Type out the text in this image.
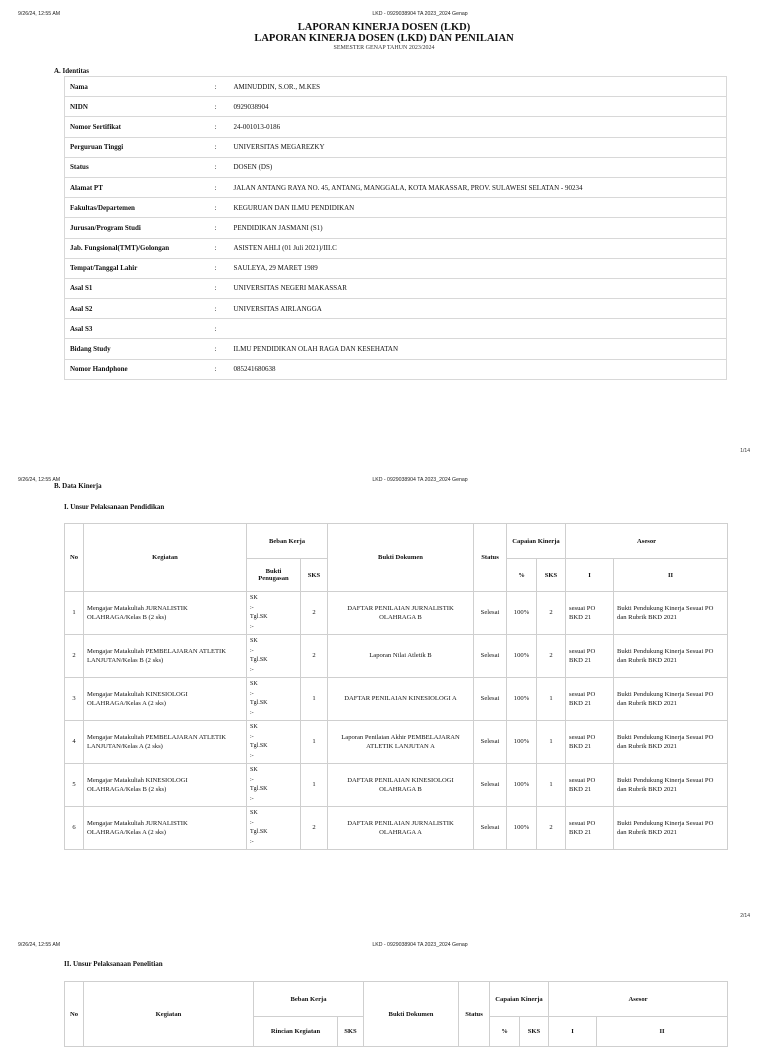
9/26/24, 12:55 AM	LKD - 0929038904 TA 2023_2024 Genap
LAPORAN KINERJA DOSEN (LKD)
LAPORAN KINERJA DOSEN (LKD) DAN PENILAIAN
SEMESTER GENAP TAHUN 2023/2024
A. Identitas
Nama	:	AMINUDDIN, S.OR., M.KES
NIDN	:	0929038904
Nomor Sertifikat	:	24-001013-0186
Perguruan Tinggi	:	UNIVERSITAS MEGAREZKY
Status	:	DOSEN (DS)
Alamat PT	:	JALAN ANTANG RAYA NO. 45, ANTANG, MANGGALA, KOTA MAKASSAR, PROV. SULAWESI SELATAN - 90234
Fakultas/Departemen	:	KEGURUAN DAN ILMU PENDIDIKAN
Jurusan/Program Studi	:	PENDIDIKAN JASMANI (S1)
Jab. Fungsional(TMT)/Golongan	:	ASISTEN AHLI (01 Juli 2021)/III.C
Tempat/Tanggal Lahir	:	SAULEYA, 29 MARET 1989
Asal S1	:	UNIVERSITAS NEGERI MAKASSAR
Asal S2	:	UNIVERSITAS AIRLANGGA
Asal S3	:	
Bidang Study	:	ILMU PENDIDIKAN OLAH RAGA DAN KESEHATAN
Nomor Handphone	:	085241680638
1/14
9/26/24, 12:55 AM	LKD - 0929038904 TA 2023_2024 Genap
B. Data Kinerja
I. Unsur Pelaksanaan Pendidikan
No	Kegiatan	Beban Kerja		Bukti Dokumen	Status	Capaian Kinerja		Asesor	
		Bukti Penugasan	SKS			%	SKS	I	II
1	Mengajar Matakuliah JURNALISTIK OLAHRAGA/Kelas B (2 sks)	SK:-
Tgl.SK:-	2	DAFTAR PENILAIAN JURNALISTIK OLAHRAGA B	Selesai	100%	2	sesuai PO BKD 21	Bukti Pendukung Kinerja Sesuai PO dan Rubrik BKD 2021
2	Mengajar Matakuliah PEMBELAJARAN ATLETIK LANJUTAN/Kelas B (2 sks)	SK:-
Tgl.SK:-	2	Laporan Nilai Atletik B	Selesai	100%	2	sesuai PO BKD 21	Bukti Pendukung Kinerja Sesuai PO dan Rubrik BKD 2021
3	Mengajar Matakuliah KINESIOLOGI OLAHRAGA/Kelas A (2 sks)	SK:-
Tgl.SK:-	1	DAFTAR PENILAIAN KINESIOLOGI A	Selesai	100%	1	sesuai PO BKD 21	Bukti Pendukung Kinerja Sesuai PO dan Rubrik BKD 2021
4	Mengajar Matakuliah PEMBELAJARAN ATLETIK LANJUTAN/Kelas A (2 sks)	SK:-
Tgl.SK:-	1	Laporan Penilaian Akhir PEMBELAJARAN ATLETIK LANJUTAN A	Selesai	100%	1	sesuai PO BKD 21	Bukti Pendukung Kinerja Sesuai PO dan Rubrik BKD 2021
5	Mengajar Matakuliah KINESIOLOGI OLAHRAGA/Kelas B (2 sks)	SK:-
Tgl.SK:-	1	DAFTAR PENILAIAN KINESIOLOGI OLAHRAGA B	Selesai	100%	1	sesuai PO BKD 21	Bukti Pendukung Kinerja Sesuai PO dan Rubrik BKD 2021
6	Mengajar Matakuliah JURNALISTIK OLAHRAGA/Kelas A (2 sks)	SK:-
Tgl.SK:-	2	DAFTAR PENILAIAN JURNALISTIK OLAHRAGA A	Selesai	100%	2	sesuai PO BKD 21	Bukti Pendukung Kinerja Sesuai PO dan Rubrik BKD 2021
2/14
9/26/24, 12:55 AM	LKD - 0929038904 TA 2023_2024 Genap
II. Unsur Pelaksanaan Penelitian
No	Kegiatan	Beban Kerja		Bukti Dokumen	Status	Capaian Kinerja		Asesor	
		Rincian Kegiatan	SKS			%	SKS	I	II
